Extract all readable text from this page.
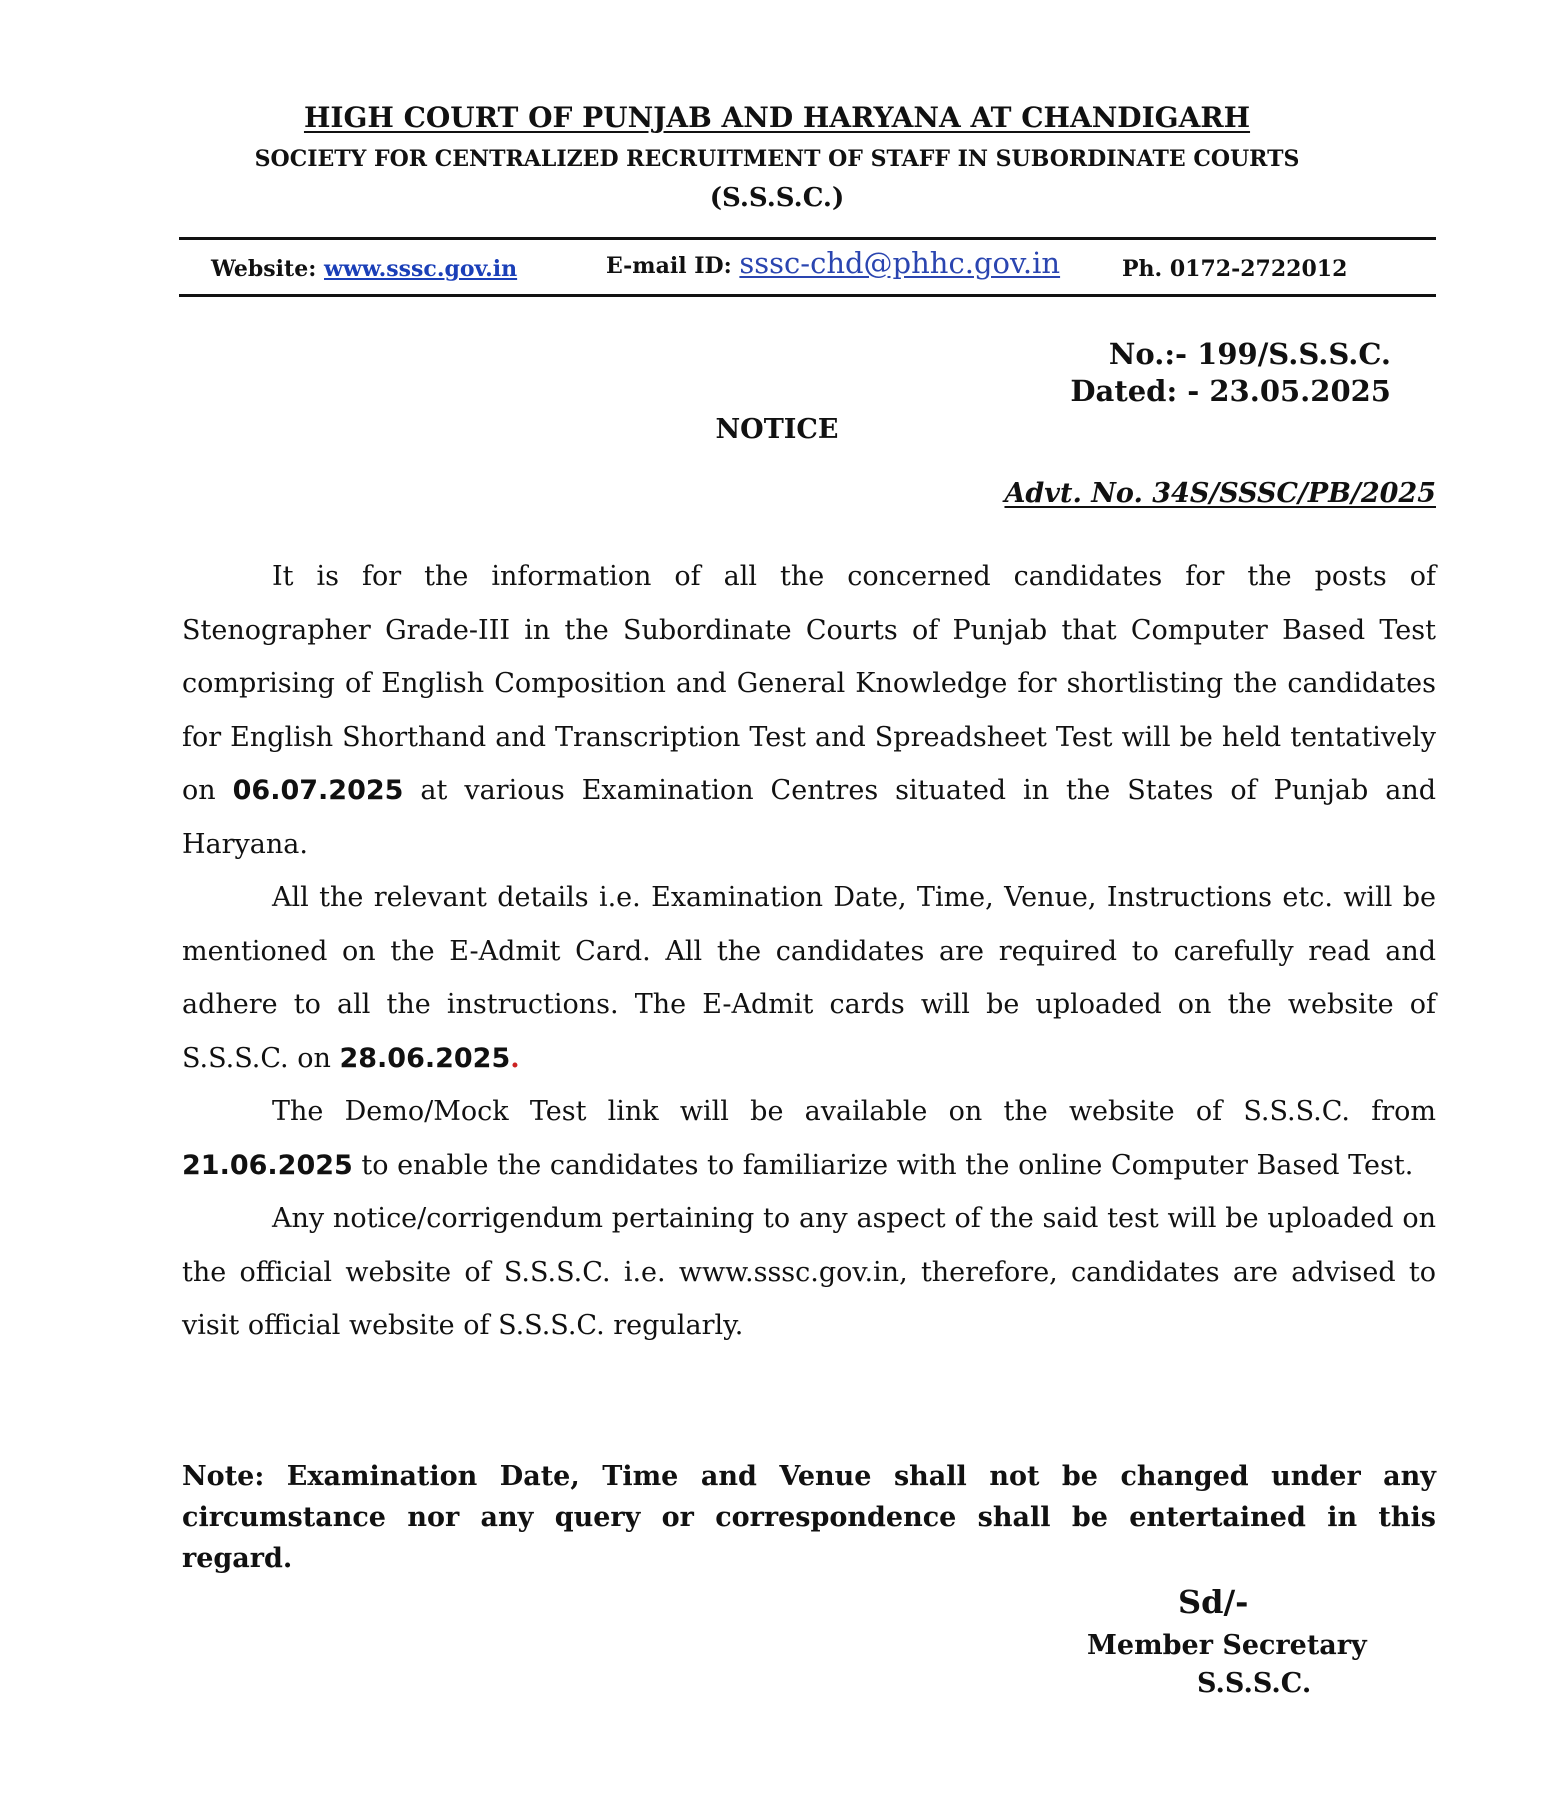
HIGH COURT OF PUNJAB AND HARYANA AT CHANDIGARH
SOCIETY FOR CENTRALIZED RECRUITMENT OF STAFF IN SUBORDINATE COURTS
(S.S.S.C.)
Website: www.sssc.gov.in	E-mail ID: sssc-chd@phhc.gov.in	Ph. 0172-2722012
No.:- 199/S.S.S.C.
Dated: - 23.05.2025
NOTICE
Advt. No. 34S/SSSC/PB/2025

It is for the information of all the concerned candidates for the posts of Stenographer Grade-III in the Subordinate Courts of Punjab that Computer Based Test comprising of English Composition and General Knowledge for shortlisting the candidates for English Shorthand and Transcription Test and Spreadsheet Test will be held tentatively on 06.07.2025 at various Examination Centres situated in the States of Punjab and Haryana.

All the relevant details i.e. Examination Date, Time, Venue, Instructions etc. will be mentioned on the E-Admit Card. All the candidates are required to carefully read and adhere to all the instructions. The E-Admit cards will be uploaded on the website of S.S.S.C. on 28.06.2025.

The Demo/Mock Test link will be available on the website of S.S.S.C. from 21.06.2025 to enable the candidates to familiarize with the online Computer Based Test.

Any notice/corrigendum pertaining to any aspect of the said test will be uploaded on the official website of S.S.S.C. i.e. www.sssc.gov.in, therefore, candidates are advised to visit official website of S.S.S.C. regularly.

Note: Examination Date, Time and Venue shall not be changed under any circumstance nor any query or correspondence shall be entertained in this regard.
Sd/-
Member Secretary
S.S.S.C.
